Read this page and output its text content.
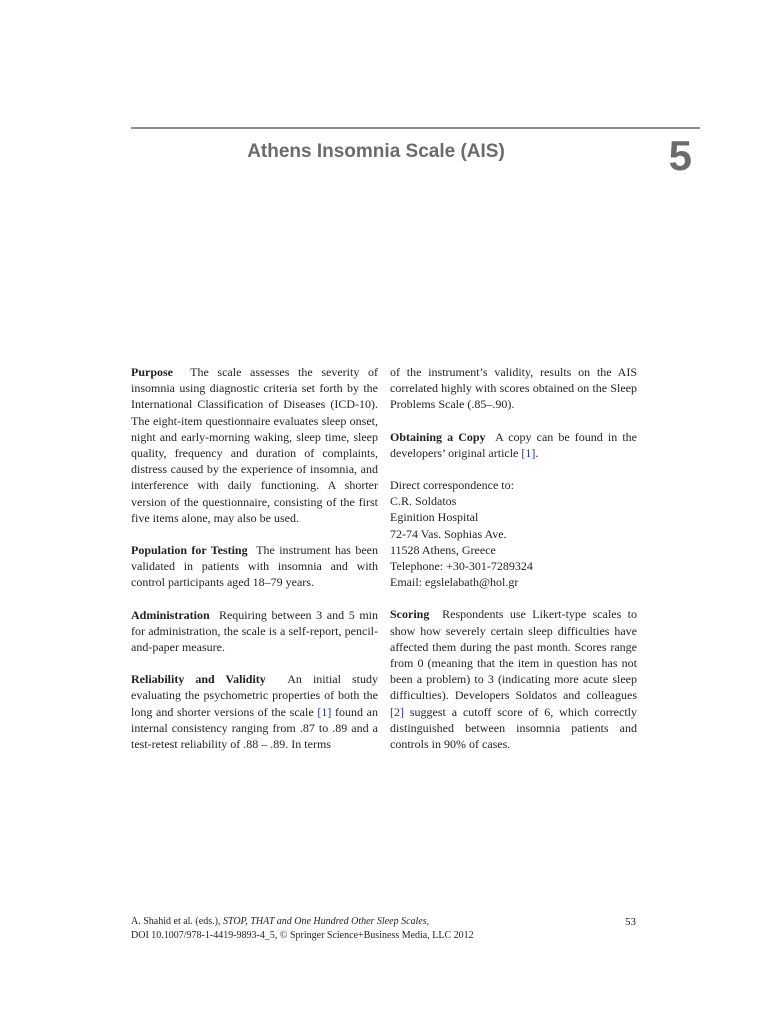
Athens Insomnia Scale (AIS)	5

Purpose The scale assesses the severity of insomnia using diagnostic criteria set forth by the International Classification of Diseases (ICD-10). The eight-item questionnaire evaluates sleep onset, night and early-morning waking, sleep time, sleep quality, frequency and duration of complaints, distress caused by the experience of insomnia, and interference with daily functioning. A shorter version of the questionnaire, consisting of the first five items alone, may also be used.

Population for Testing The instrument has been validated in patients with insomnia and with control participants aged 18–79 years.

Administration Requiring between 3 and 5 min for administration, the scale is a self-report, pencil-and-paper measure.

Reliability and Validity An initial study evaluating the psychometric properties of both the long and shorter versions of the scale [1] found an internal consistency ranging from .87 to .89 and a test-retest reliability of .88 – .89. In terms

of the instrument’s validity, results on the AIS correlated highly with scores obtained on the Sleep Problems Scale (.85–.90).

Obtaining a Copy A copy can be found in the developers’ original article [1].

Direct correspondence to:

C.R. Soldatos

Eginition Hospital

72-74 Vas. Sophias Ave.

11528 Athens, Greece

Telephone: +30-301-7289324

Email: egslelabath@hol.gr

Scoring Respondents use Likert-type scales to show how severely certain sleep difficulties have affected them during the past month. Scores range from 0 (meaning that the item in question has not been a problem) to 3 (indicating more acute sleep difficulties). Developers Soldatos and colleagues [2] suggest a cutoff score of 6, which correctly distinguished between insomnia patients and controls in 90% of cases.

A. Shahid et al. (eds.), STOP, THAT and One Hundred Other Sleep Scales,
DOI 10.1007/978-1-4419-9893-4_5, © Springer Science+Business Media, LLC 2012
53
